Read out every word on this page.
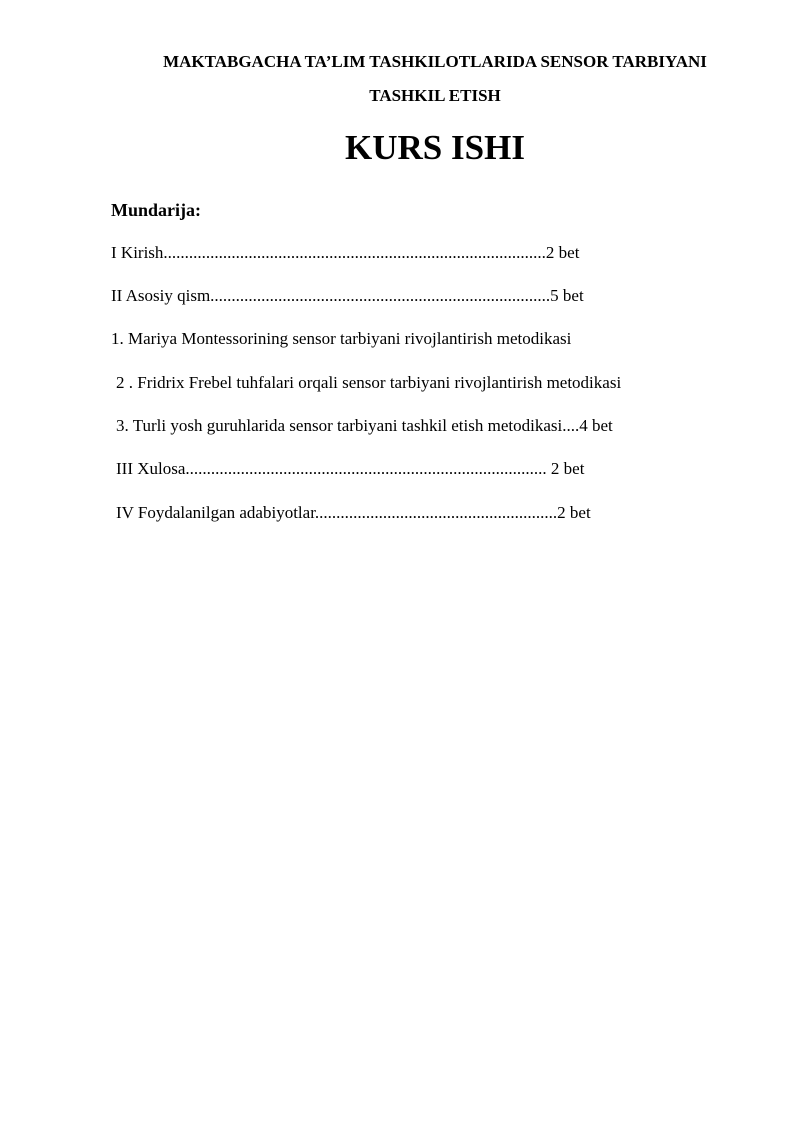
MAKTABGACHA TA’LIM TASHKILOTLARIDA SENSOR TARBIYANI
TASHKIL ETISH
KURS ISHI
Mundarija:
I Kirish..........................................................................................2 bet
II Asosiy qism................................................................................5 bet
1. Mariya Montessorining sensor tarbiyani rivojlantirish metodikasi
2 . Fridrix Frebel tuhfalari orqali sensor tarbiyani rivojlantirish metodikasi
3. Turli yosh guruhlarida sensor tarbiyani tashkil etish metodikasi....4 bet
III Xulosa..................................................................................... 2 bet
IV Foydalanilgan adabiyotlar.........................................................2 bet
